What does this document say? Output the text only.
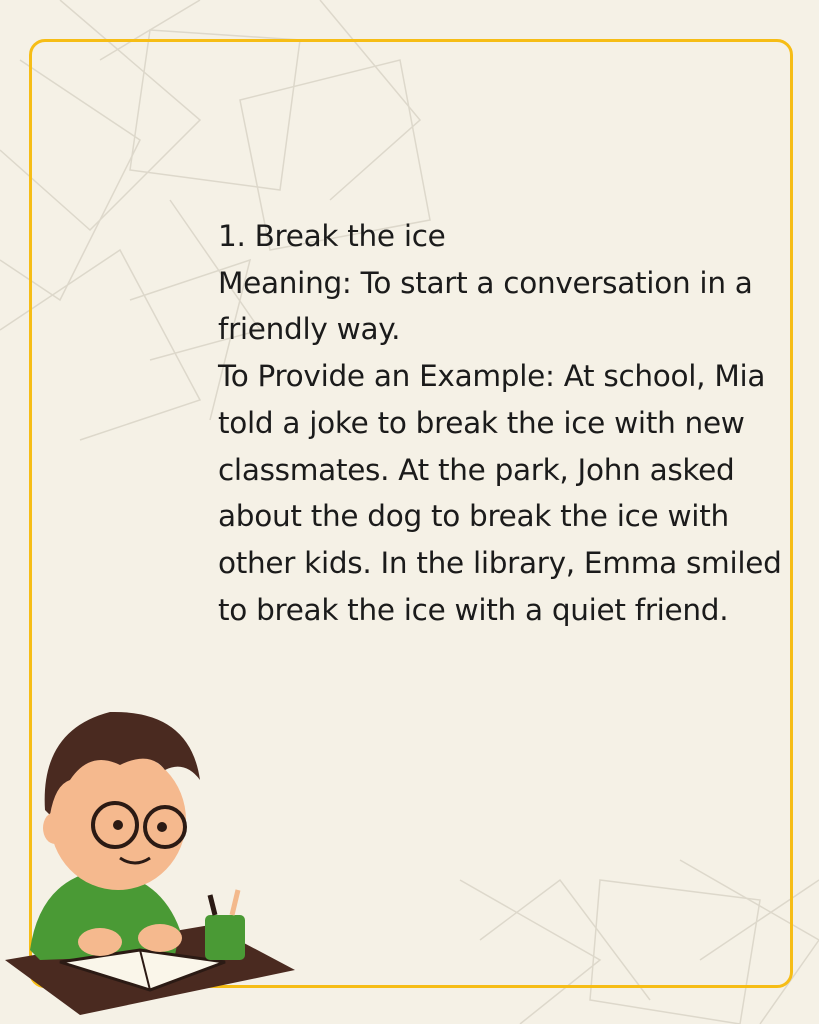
1. Break the ice
Meaning: To start a conversation in a friendly way.
To Provide an Example: At school, Mia told a joke to break the ice with new classmates. At the park, John asked about the dog to break the ice with other kids. In the library, Emma smiled to break the ice with a quiet friend.
